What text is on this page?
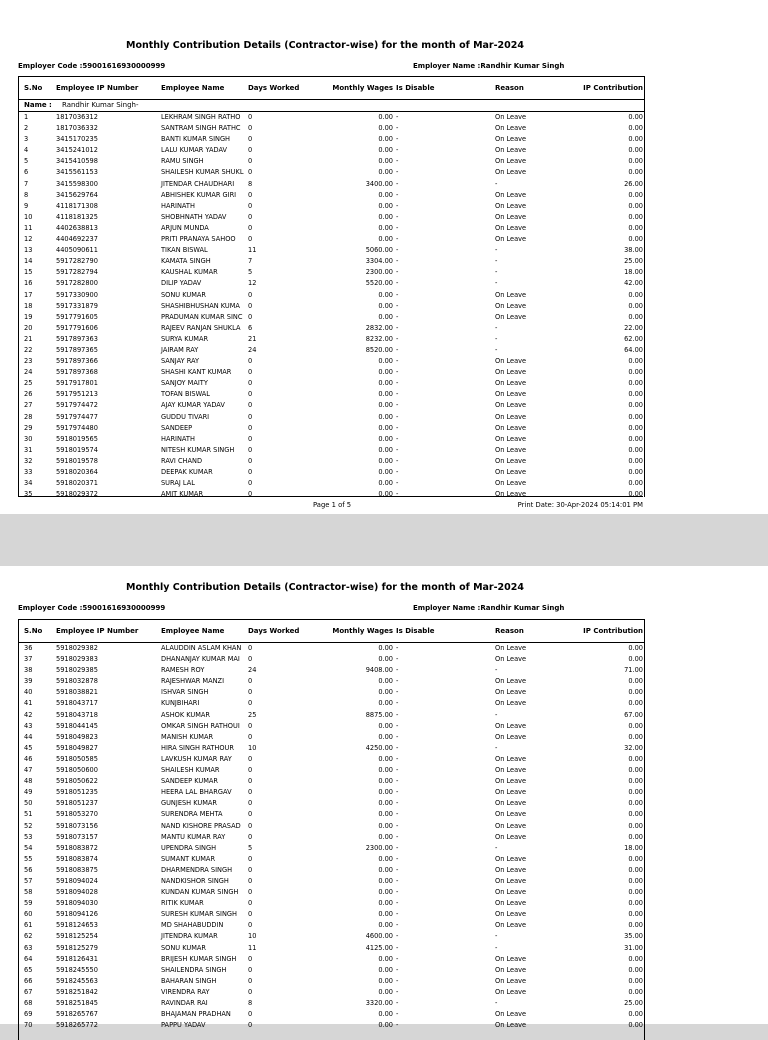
Monthly Contribution Details (Contractor-wise) for the month of Mar-2024
Employer Code :59001616930000999	Employer Name :Randhir Kumar Singh
S.No	Employee IP Number	Employee Name	Days Worked	Monthly Wages Is Disable	Reason	IP Contribution
Name : Randhir Kumar Singh-
1	1817036312	LEKHRAM SINGH RATHO	0	0.00 -	On Leave	0.00
2	1817036332	SANTRAM SINGH RATHC	0	0.00 -	On Leave	0.00
3	3415170235	BANTI KUMAR SINGH	0	0.00 -	On Leave	0.00
4	3415241012	LALU KUMAR YADAV	0	0.00 -	On Leave	0.00
5	3415410598	RAMU SINGH	0	0.00 -	On Leave	0.00
6	3415561153	SHAILESH KUMAR SHUKL 0	0.00 -	On Leave	0.00
7	3415598300	JITENDAR CHAUDHARI	8	3400.00 -	-	26.00
8	3415629764	ABHISHEK KUMAR GIRI	0	0.00 -	On Leave	0.00
9	4118171308	HARINATH	0	0.00 -	On Leave	0.00
10	4118181325	SHOBHNATH YADAV	0	0.00 -	On Leave	0.00
11	4402638813	ARJUN MUNDA	0	0.00 -	On Leave	0.00
12	4404692237	PRITI PRANAYA SAHOO	0	0.00 -	On Leave	0.00
13	4405090611	TIKAN BISWAL	11	5060.00 -	-	38.00
14	5917282790	KAMATA SINGH	7	3304.00 -	-	25.00
15	5917282794	KAUSHAL KUMAR	5	2300.00 -	-	18.00
16	5917282800	DILIP YADAV	12	5520.00 -	-	42.00
17	5917330900	SONU KUMAR	0	0.00 -	On Leave	0.00
18	5917331879	SHASHIBHUSHAN KUMA	0	0.00 -	On Leave	0.00
19	5917791605	PRADUMAN KUMAR SINC 0	0.00 -	On Leave	0.00
20	5917791606	RAJEEV RANJAN SHUKLA	6	2832.00 -	-	22.00
21	5917897363	SURYA KUMAR	21	8232.00 -	-	62.00
22	5917897365	JAIRAM RAY	24	8520.00 -	-	64.00
23	5917897366	SANJAY RAY	0	0.00 -	On Leave	0.00
24	5917897368	SHASHI KANT KUMAR	0	0.00 -	On Leave	0.00
25	5917917801	SANJOY MAITY	0	0.00 -	On Leave	0.00
26	5917951213	TOFAN BISWAL	0	0.00 -	On Leave	0.00
27	5917974472	AJAY KUMAR YADAV	0	0.00 -	On Leave	0.00
28	5917974477	GUDDU TIVARI	0	0.00 -	On Leave	0.00
29	5917974480	SANDEEP	0	0.00 -	On Leave	0.00
30	5918019565	HARINATH	0	0.00 -	On Leave	0.00
31	5918019574	NITESH KUMAR SINGH	0	0.00 -	On Leave	0.00
32	5918019578	RAVI CHAND	0	0.00 -	On Leave	0.00
33	5918020364	DEEPAK KUMAR	0	0.00 -	On Leave	0.00
34	5918020371	SURAJ LAL	0	0.00 -	On Leave	0.00
35	5918029372	AMIT KUMAR	0	0.00 -	On Leave	0.00
Page 1 of 5	Print Date: 30-Apr-2024 05:14:01 PM
Monthly Contribution Details (Contractor-wise) for the month of Mar-2024
Employer Code :59001616930000999	Employer Name :Randhir Kumar Singh
S.No	Employee IP Number	Employee Name	Days Worked	Monthly Wages Is Disable	Reason	IP Contribution
36	5918029382	ALAUDDIN ASLAM KHAN	0	0.00 -	On Leave	0.00
37	5918029383	DHANANJAY KUMAR MAI	0	0.00 -	On Leave	0.00
38	5918029385	RAMESH ROY	24	9408.00 -	-	71.00
39	5918032878	RAJESHWAR MANZI	0	0.00 -	On Leave	0.00
40	5918038821	ISHVAR SINGH	0	0.00 -	On Leave	0.00
41	5918043717	KUNJBIHARI	0	0.00 -	On Leave	0.00
42	5918043718	ASHOK KUMAR	25	8875.00 -	-	67.00
43	5918044145	OMKAR SINGH RATHOUI	0	0.00 -	On Leave	0.00
44	5918049823	MANISH KUMAR	0	0.00 -	On Leave	0.00
45	5918049827	HIRA SINGH RATHOUR	10	4250.00 -	-	32.00
46	5918050585	LAVKUSH KUMAR RAY	0	0.00 -	On Leave	0.00
47	5918050600	SHAILESH KUMAR	0	0.00 -	On Leave	0.00
48	5918050622	SANDEEP KUMAR	0	0.00 -	On Leave	0.00
49	5918051235	HEERA LAL BHARGAV	0	0.00 -	On Leave	0.00
50	5918051237	GUNJESH KUMAR	0	0.00 -	On Leave	0.00
51	5918053270	SURENDRA MEHTA	0	0.00 -	On Leave	0.00
52	5918073156	NAND KISHORE PRASAD	0	0.00 -	On Leave	0.00
53	5918073157	MANTU KUMAR RAY	0	0.00 -	On Leave	0.00
54	5918083872	UPENDRA SINGH	5	2300.00 -	-	18.00
55	5918083874	SUMANT KUMAR	0	0.00 -	On Leave	0.00
56	5918083875	DHARMENDRA SINGH	0	0.00 -	On Leave	0.00
57	5918094024	NANDKISHOR SINGH	0	0.00 -	On Leave	0.00
58	5918094028	KUNDAN KUMAR SINGH	0	0.00 -	On Leave	0.00
59	5918094030	RITIK KUMAR	0	0.00 -	On Leave	0.00
60	5918094126	SURESH KUMAR SINGH	0	0.00 -	On Leave	0.00
61	5918124653	MD SHAHABUDDIN	0	0.00 -	On Leave	0.00
62	5918125254	JITENDRA KUMAR	10	4600.00 -	-	35.00
63	5918125279	SONU KUMAR	11	4125.00 -	-	31.00
64	5918126431	BRIJESH KUMAR SINGH	0	0.00 -	On Leave	0.00
65	5918245550	SHAILENDRA SINGH	0	0.00 -	On Leave	0.00
66	5918245563	BAHARAN SINGH	0	0.00 -	On Leave	0.00
67	5918251842	VIRENDRA RAY	0	0.00 -	On Leave	0.00
68	5918251845	RAVINDAR RAI	8	3320.00 -	-	25.00
69	5918265767	BHAJAMAN PRADHAN	0	0.00 -	On Leave	0.00
70	5918265772	PAPPU YADAV	0	0.00 -	On Leave	0.00
